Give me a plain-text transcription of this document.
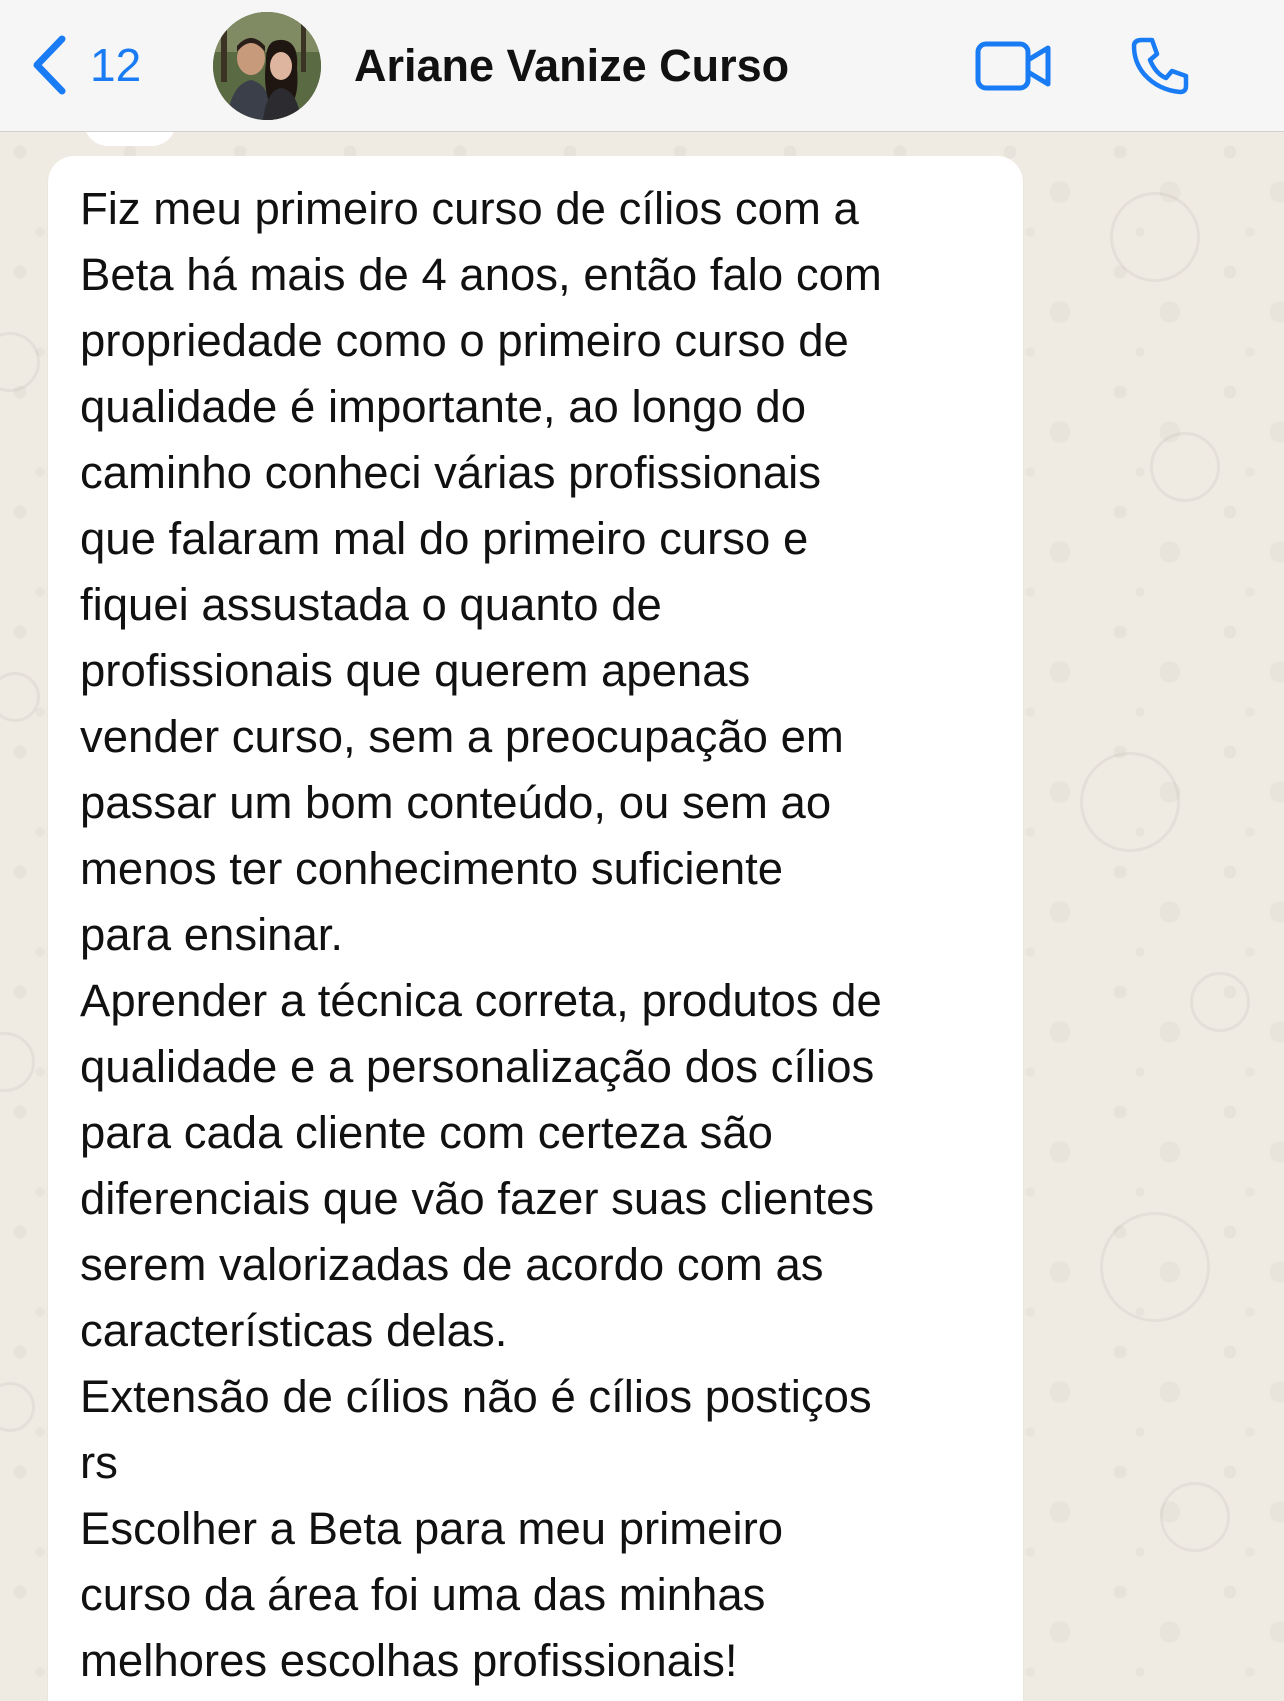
12	Ariane Vanize Curso
Fiz meu primeiro curso de cílios com a
Beta há mais de 4 anos, então falo com
propriedade como o primeiro curso de
qualidade é importante, ao longo do
caminho conheci várias profissionais
que falaram mal do primeiro curso e
fiquei assustada o quanto de
profissionais que querem apenas
vender curso, sem a preocupação em
passar um bom conteúdo, ou sem ao
menos ter conhecimento suficiente
para ensinar.
Aprender a técnica correta, produtos de
qualidade e a personalização dos cílios
para cada cliente com certeza são
diferenciais que vão fazer suas clientes
serem valorizadas de acordo com as
características delas.
Extensão de cílios não é cílios postiços
rs
Escolher a Beta para meu primeiro
curso da área foi uma das minhas
melhores escolhas profissionais!
